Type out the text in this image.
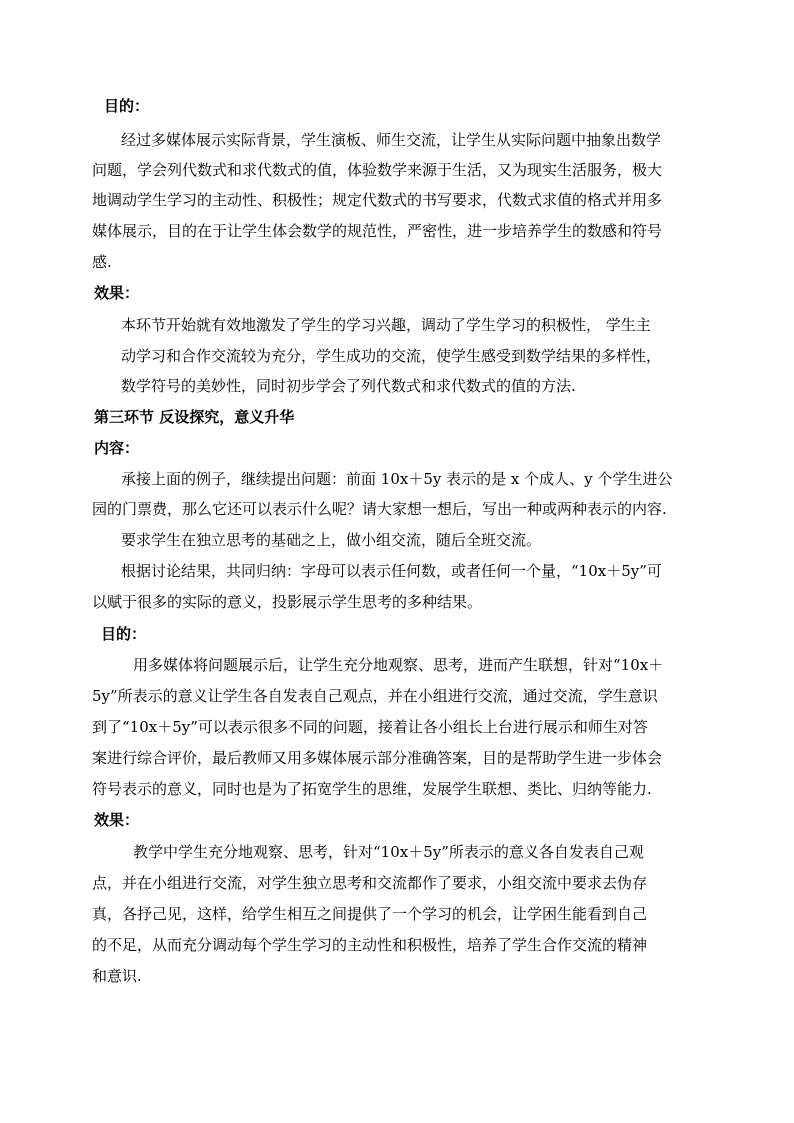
目的：
经过多媒体展示实际背景，学生演板、师生交流，让学生从实际问题中抽象出数学
问题，学会列代数式和求代数式的值，体验数学来源于生活，又为现实生活服务，极大
地调动学生学习的主动性、积极性；规定代数式的书写要求，代数式求值的格式并用多
媒体展示，目的在于让学生体会数学的规范性，严密性，进一步培养学生的数感和符号
感.
效果：
本环节开始就有效地激发了学生的学习兴趣，调动了学生学习的积极性， 学生主
动学习和合作交流较为充分，学生成功的交流，使学生感受到数学结果的多样性，
数学符号的美妙性，同时初步学会了列代数式和求代数式的值的方法.
第三环节 反设探究，意义升华
内容：
承接上面的例子，继续提出问题：前面 10x＋5y 表示的是 x 个成人、y 个学生进公
园的门票费，那么它还可以表示什么呢？请大家想一想后，写出一种或两种表示的内容.
要求学生在独立思考的基础之上，做小组交流，随后全班交流。
根据讨论结果，共同归纳：字母可以表示任何数，或者任何一个量，“10x＋5y”可
以赋于很多的实际的意义，投影展示学生思考的多种结果。
目的：
用多媒体将问题展示后，让学生充分地观察、思考，进而产生联想，针对“10x＋
5y”所表示的意义让学生各自发表自己观点，并在小组进行交流，通过交流，学生意识
到了“10x＋5y”可以表示很多不同的问题，接着让各小组长上台进行展示和师生对答
案进行综合评价，最后教师又用多媒体展示部分准确答案，目的是帮助学生进一步体会
符号表示的意义，同时也是为了拓宽学生的思维，发展学生联想、类比、归纳等能力.
效果：
教学中学生充分地观察、思考，针对“10x＋5y”所表示的意义各自发表自己观
点，并在小组进行交流，对学生独立思考和交流都作了要求，小组交流中要求去伪存
真，各抒己见，这样，给学生相互之间提供了一个学习的机会，让学困生能看到自己
的不足，从而充分调动每个学生学习的主动性和积极性，培养了学生合作交流的精神
和意识.
